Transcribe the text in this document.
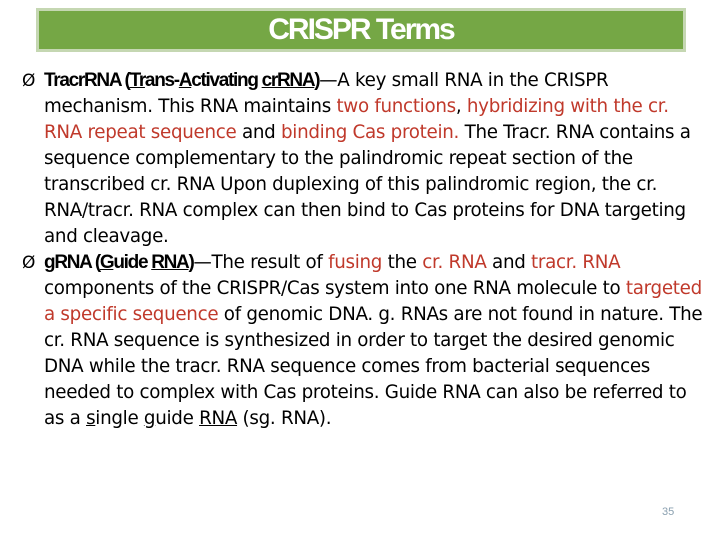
CRISPR Terms
Ø TracrRNA (Trans-Activating crRNA)—A key small RNA in the CRISPR mechanism. This RNA maintains two functions, hybridizing with the cr. RNA repeat sequence and binding Cas protein. The Tracr. RNA contains a sequence complementary to the palindromic repeat section of the transcribed cr. RNA Upon duplexing of this palindromic region, the cr. RNA/tracr. RNA complex can then bind to Cas proteins for DNA targeting and cleavage.
Ø gRNA (Guide RNA)—The result of fusing the cr. RNA and tracr. RNA components of the CRISPR/Cas system into one RNA molecule to targeted a specific sequence of genomic DNA. g. RNAs are not found in nature. The cr. RNA sequence is synthesized in order to target the desired genomic DNA while the tracr. RNA sequence comes from bacterial sequences needed to complex with Cas proteins. Guide RNA can also be referred to as a single guide RNA (sg. RNA).
35
